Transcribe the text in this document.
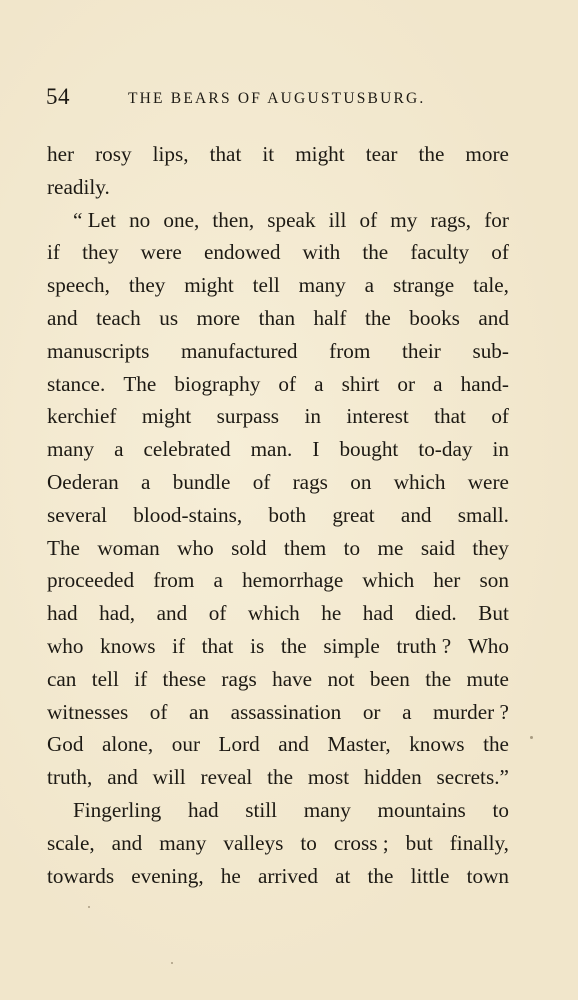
54	THE BEARS OF AUGUSTUSBURG.
her rosy lips, that it might tear the more
readily.
“ Let no one, then, speak ill of my rags, for
if they were endowed with the faculty of
speech, they might tell many a strange tale,
and teach us more than half the books and
manuscripts manufactured from their sub-
stance. The biography of a shirt or a hand-
kerchief might surpass in interest that of
many a celebrated man. I bought to-day in
Oederan a bundle of rags on which were
several blood-stains, both great and small.
The woman who sold them to me said they
proceeded from a hemorrhage which her son
had had, and of which he had died. But
who knows if that is the simple truth ? Who
can tell if these rags have not been the mute
witnesses of an assassination or a murder ?
God alone, our Lord and Master, knows the
truth, and will reveal the most hidden secrets.”
Fingerling had still many mountains to
scale, and many valleys to cross ; but finally,
towards evening, he arrived at the little town
